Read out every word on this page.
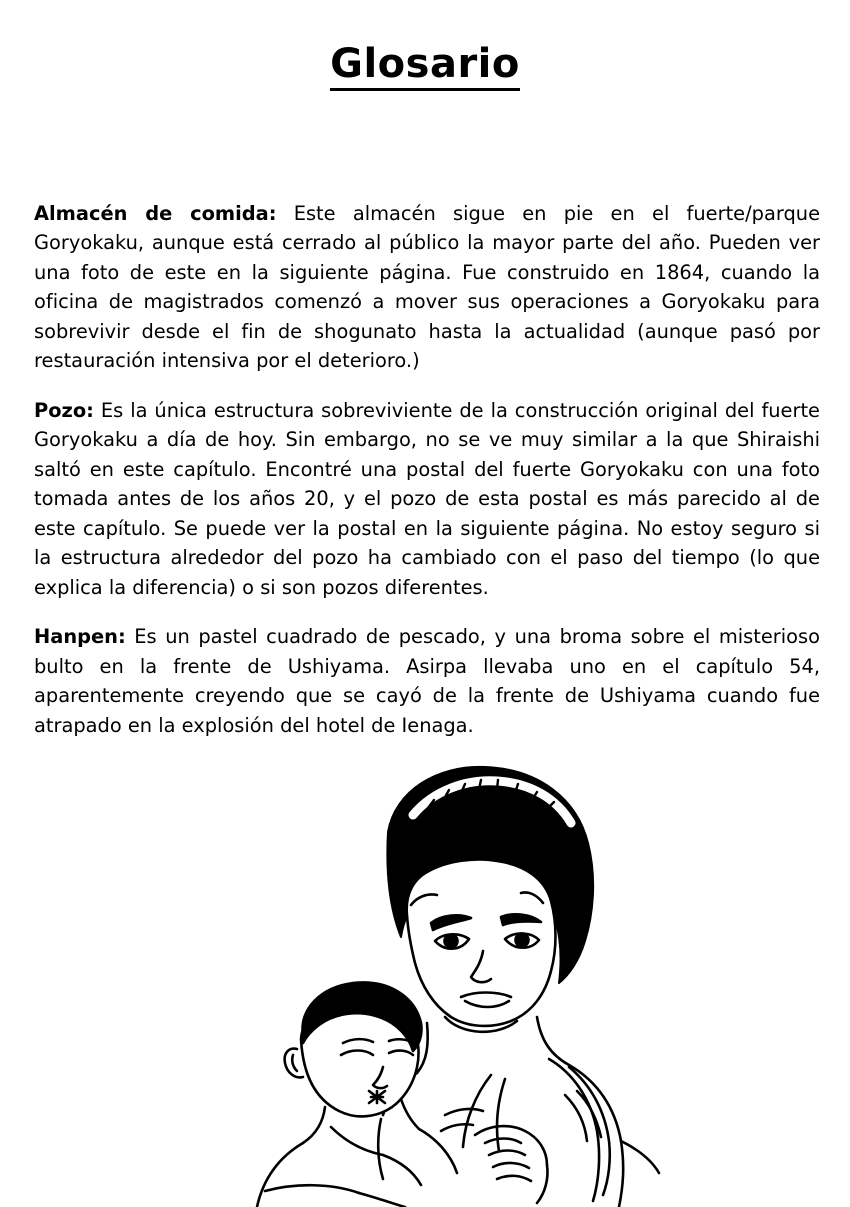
Glosario

Almacén de comida: Este almacén sigue en pie en el fuerte/parque Goryokaku, aunque está cerrado al público la mayor parte del año. Pueden ver una foto de este en la siguiente página. Fue construido en 1864, cuando la oficina de magistrados comenzó a mover sus operaciones a Goryokaku para sobrevivir desde el fin de shogunato hasta la actualidad (aunque pasó por restauración intensiva por el deterioro.)

Pozo: Es la única estructura sobreviviente de la construcción original del fuerte Goryokaku a día de hoy. Sin embargo, no se ve muy similar a la que Shiraishi saltó en este capítulo. Encontré una postal del fuerte Goryokaku con una foto tomada antes de los años 20, y el pozo de esta postal es más parecido al de este capítulo. Se puede ver la postal en la siguiente página. No estoy seguro si la estructura alrededor del pozo ha cambiado con el paso del tiempo (lo que explica la diferencia) o si son pozos diferentes.

Hanpen: Es un pastel cuadrado de pescado, y una broma sobre el misterioso bulto en la frente de Ushiyama. Asirpa llevaba uno en el capítulo 54, aparentemente creyendo que se cayó de la frente de Ushiyama cuando fue atrapado en la explosión del hotel de Ienaga.
